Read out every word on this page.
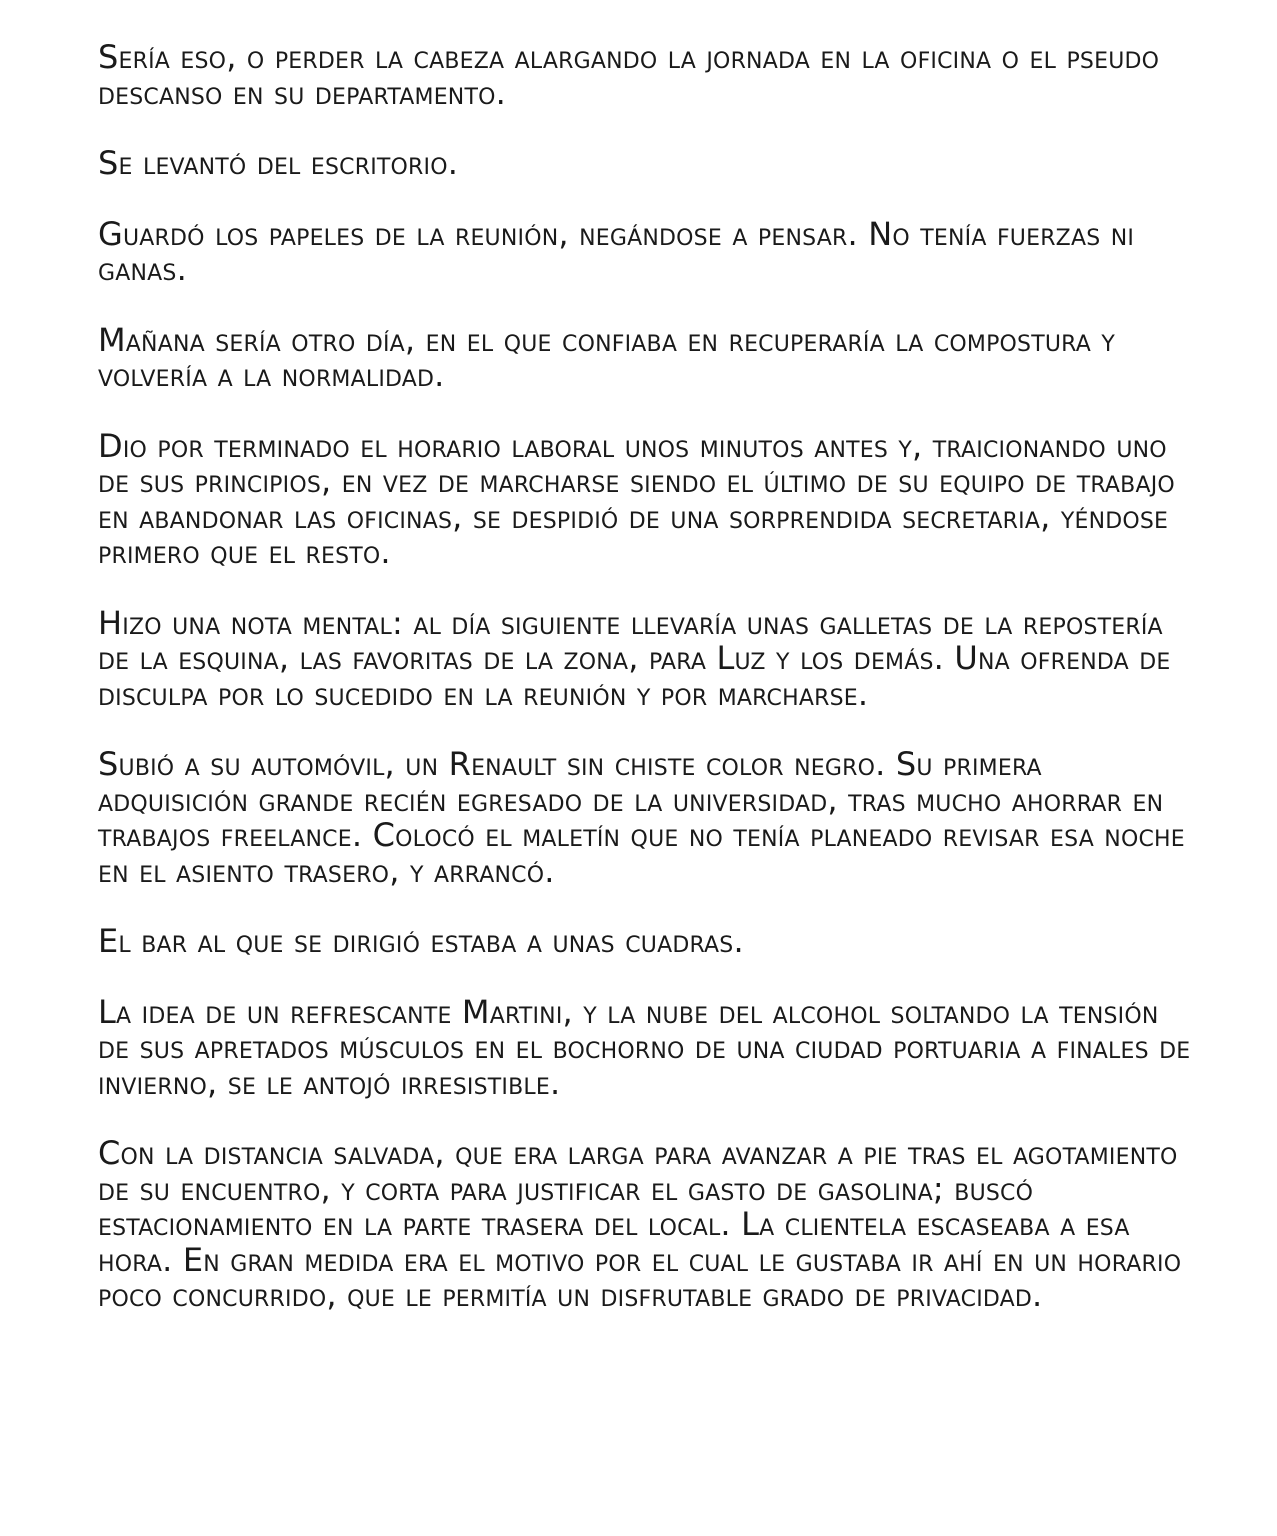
Sería eso, o perder la cabeza alargando la jornada en la oficina o el pseudo descanso en su departamento.

Se levantó del escritorio.

Guardó los papeles de la reunión, negándose a pensar. No tenía fuerzas ni ganas.

Mañana sería otro día, en el que confiaba en recuperaría la compostura y volvería a la normalidad.

Dio por terminado el horario laboral unos minutos antes y, traicionando uno de sus principios, en vez de marcharse siendo el último de su equipo de trabajo en abandonar las oficinas, se despidió de una sorprendida secretaria, yéndose primero que el resto.

Hizo una nota mental: al día siguiente llevaría unas galletas de la repostería de la esquina, las favoritas de la zona, para Luz y los demás. Una ofrenda de disculpa por lo sucedido en la reunión y por marcharse.

Subió a su automóvil, un Renault sin chiste color negro. Su primera adquisición grande recién egresado de la universidad, tras mucho ahorrar en trabajos freelance. Colocó el maletín que no tenía planeado revisar esa noche en el asiento trasero, y arrancó.

El bar al que se dirigió estaba a unas cuadras.

La idea de un refrescante Martini, y la nube del alcohol soltando la tensión de sus apretados músculos en el bochorno de una ciudad portuaria a finales de invierno, se le antojó irresistible.

Con la distancia salvada, que era larga para avanzar a pie tras el agotamiento de su encuentro, y corta para justificar el gasto de gasolina; buscó estacionamiento en la parte trasera del local. La clientela escaseaba a esa hora. En gran medida era el motivo por el cual le gustaba ir ahí en un horario poco concurrido, que le permitía un disfrutable grado de privacidad.
